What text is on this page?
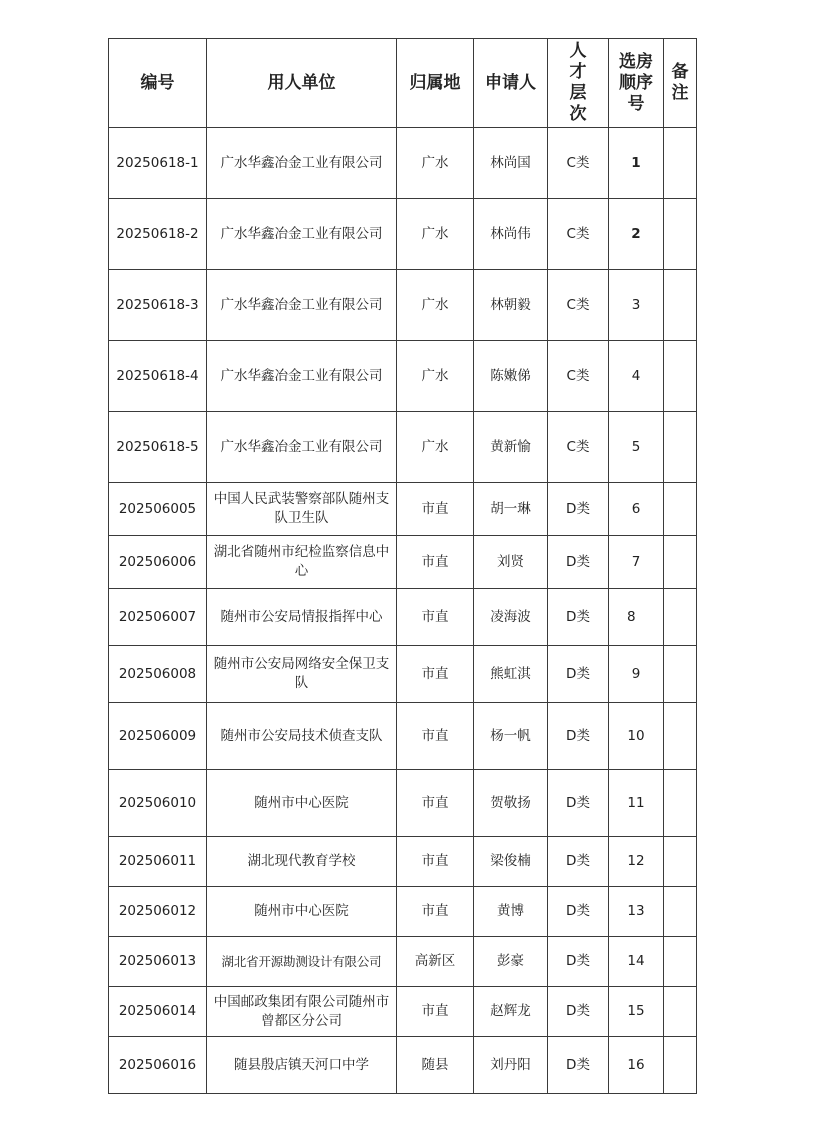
编号	用人单位	归属地	申请人	人才层次	选房顺序号	备注
20250618-1	广水华鑫冶金工业有限公司	广水	林尚国	C类	1	
20250618-2	广水华鑫冶金工业有限公司	广水	林尚伟	C类	2	
20250618-3	广水华鑫冶金工业有限公司	广水	林朝毅	C类	3	
20250618-4	广水华鑫冶金工业有限公司	广水	陈嫩俤	C类	4	
20250618-5	广水华鑫冶金工业有限公司	广水	黄新愉	C类	5	
202506005	中国人民武装警察部队随州支队卫生队	市直	胡一琳	D类	6	
202506006	湖北省随州市纪检监察信息中心	市直	刘贤	D类	7	
202506007	随州市公安局情报指挥中心	市直	凌海波	D类	8	
202506008	随州市公安局网络安全保卫支队	市直	熊虹淇	D类	9	
202506009	随州市公安局技术侦查支队	市直	杨一帆	D类	10	
202506010	随州市中心医院	市直	贺敬扬	D类	11	
202506011	湖北现代教育学校	市直	梁俊楠	D类	12	
202506012	随州市中心医院	市直	黄博	D类	13	
202506013	湖北省开源勘测设计有限公司	高新区	彭豪	D类	14	
202506014	中国邮政集团有限公司随州市曾都区分公司	市直	赵辉龙	D类	15	
202506016	随县殷店镇天河口中学	随县	刘丹阳	D类	16	
